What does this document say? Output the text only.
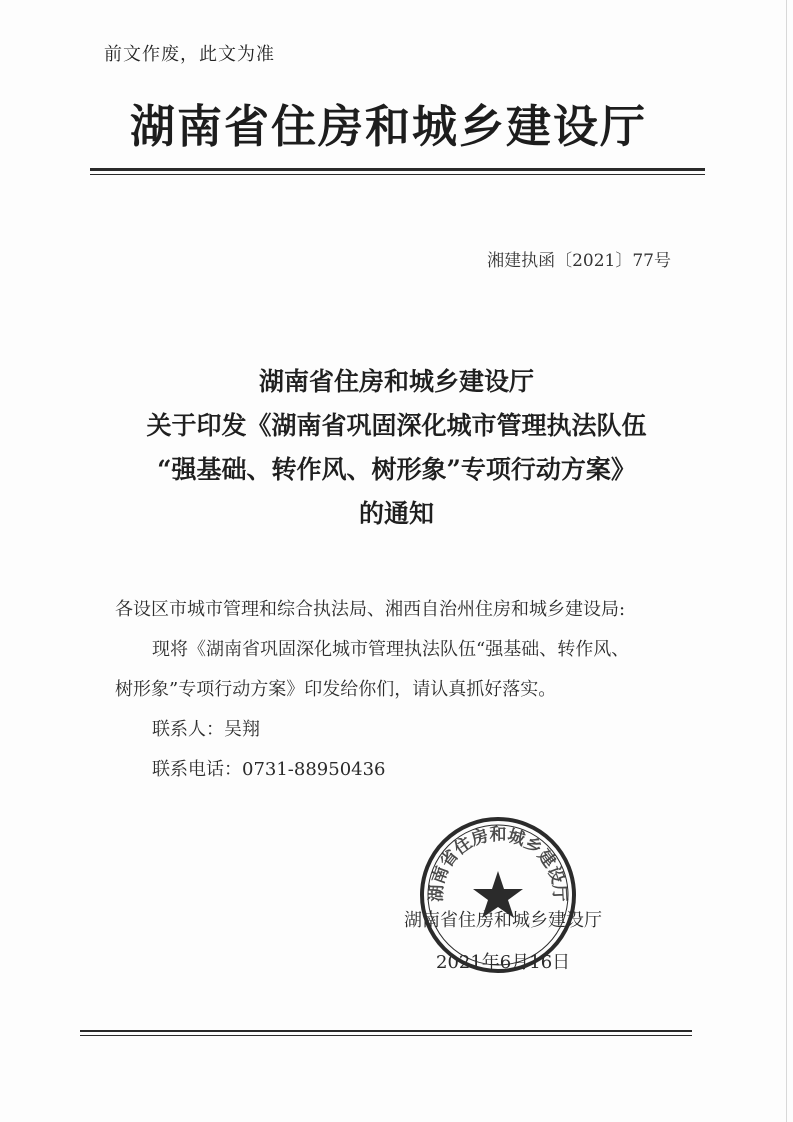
前文作废，此文为准
湖南省住房和城乡建设厅
湘建执函〔2021〕77号
湖南省住房和城乡建设厅
关于印发《湖南省巩固深化城市管理执法队伍
“强基础、转作风、树形象”专项行动方案》
的通知
各设区市城市管理和综合执法局、湘西自治州住房和城乡建设局:
现将《湖南省巩固深化城市管理执法队伍“强基础、转作风、
树形象”专项行动方案》印发给你们，请认真抓好落实。
联系人：吴翔
联系电话：0731-88950436
湖南省住房和城乡建设厅
2021年6月16日
湖南省住房和城乡建设厅
